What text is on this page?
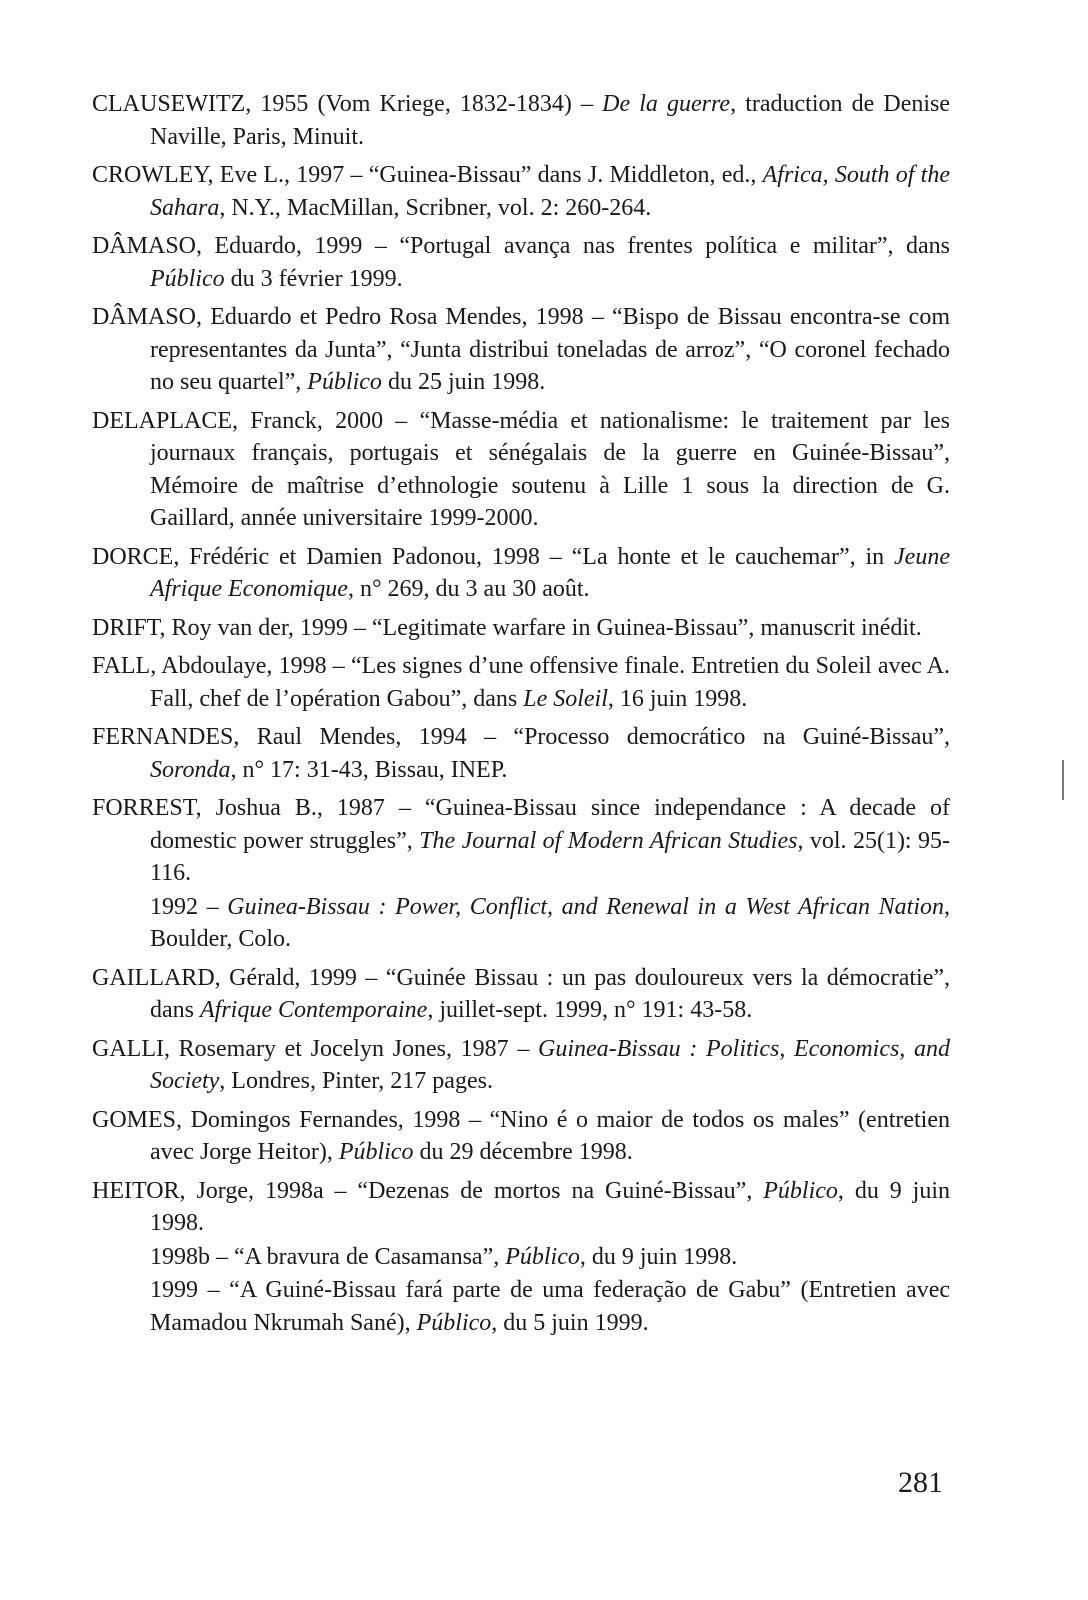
CLAUSEWITZ, 1955 (Vom Kriege, 1832-1834) – De la guerre, traduction de Denise Naville, Paris, Minuit.

CROWLEY, Eve L., 1997 – “Guinea-Bissau” dans J. Middleton, ed., Africa, South of the Sahara, N.Y., MacMillan, Scribner, vol. 2: 260-264.

DÂMASO, Eduardo, 1999 – “Portugal avança nas frentes política e militar”, dans Público du 3 février 1999.

DÂMASO, Eduardo et Pedro Rosa Mendes, 1998 – “Bispo de Bissau encontra-se com representantes da Junta”, “Junta distribui toneladas de arroz”, “O coronel fechado no seu quartel”, Público du 25 juin 1998.

DELAPLACE, Franck, 2000 – “Masse-média et nationalisme: le traitement par les journaux français, portugais et sénégalais de la guerre en Guinée-Bissau”, Mémoire de maîtrise d’ethnologie soutenu à Lille 1 sous la direction de G. Gaillard, année universitaire 1999-2000.

DORCE, Frédéric et Damien Padonou, 1998 – “La honte et le cauchemar”, in Jeune Afrique Economique, n° 269, du 3 au 30 août.

DRIFT, Roy van der, 1999 – “Legitimate warfare in Guinea-Bissau”, manuscrit inédit.

FALL, Abdoulaye, 1998 – “Les signes d’une offensive finale. Entretien du Soleil avec A. Fall, chef de l’opération Gabou”, dans Le Soleil, 16 juin 1998.

FERNANDES, Raul Mendes, 1994 – “Processo democrático na Guiné-Bissau”, Soronda, n° 17: 31-43, Bissau, INEP.

FORREST, Joshua B., 1987 – “Guinea-Bissau since independance : A decade of domestic power struggles”, The Journal of Modern African Studies, vol. 25(1): 95-116.

1992 – Guinea-Bissau : Power, Conflict, and Renewal in a West African Nation, Boulder, Colo.

GAILLARD, Gérald, 1999 – “Guinée Bissau : un pas douloureux vers la démocratie”, dans Afrique Contemporaine, juillet-sept. 1999, n° 191: 43-58.

GALLI, Rosemary et Jocelyn Jones, 1987 – Guinea-Bissau : Politics, Economics, and Society, Londres, Pinter, 217 pages.

GOMES, Domingos Fernandes, 1998 – “Nino é o maior de todos os males” (entretien avec Jorge Heitor), Público du 29 décembre 1998.

HEITOR, Jorge, 1998a – “Dezenas de mortos na Guiné-Bissau”, Público, du 9 juin 1998.

1998b – “A bravura de Casamansa”, Público, du 9 juin 1998.

1999 – “A Guiné-Bissau fará parte de uma federação de Gabu” (Entretien avec Mamadou Nkrumah Sané), Público, du 5 juin 1999.

281
